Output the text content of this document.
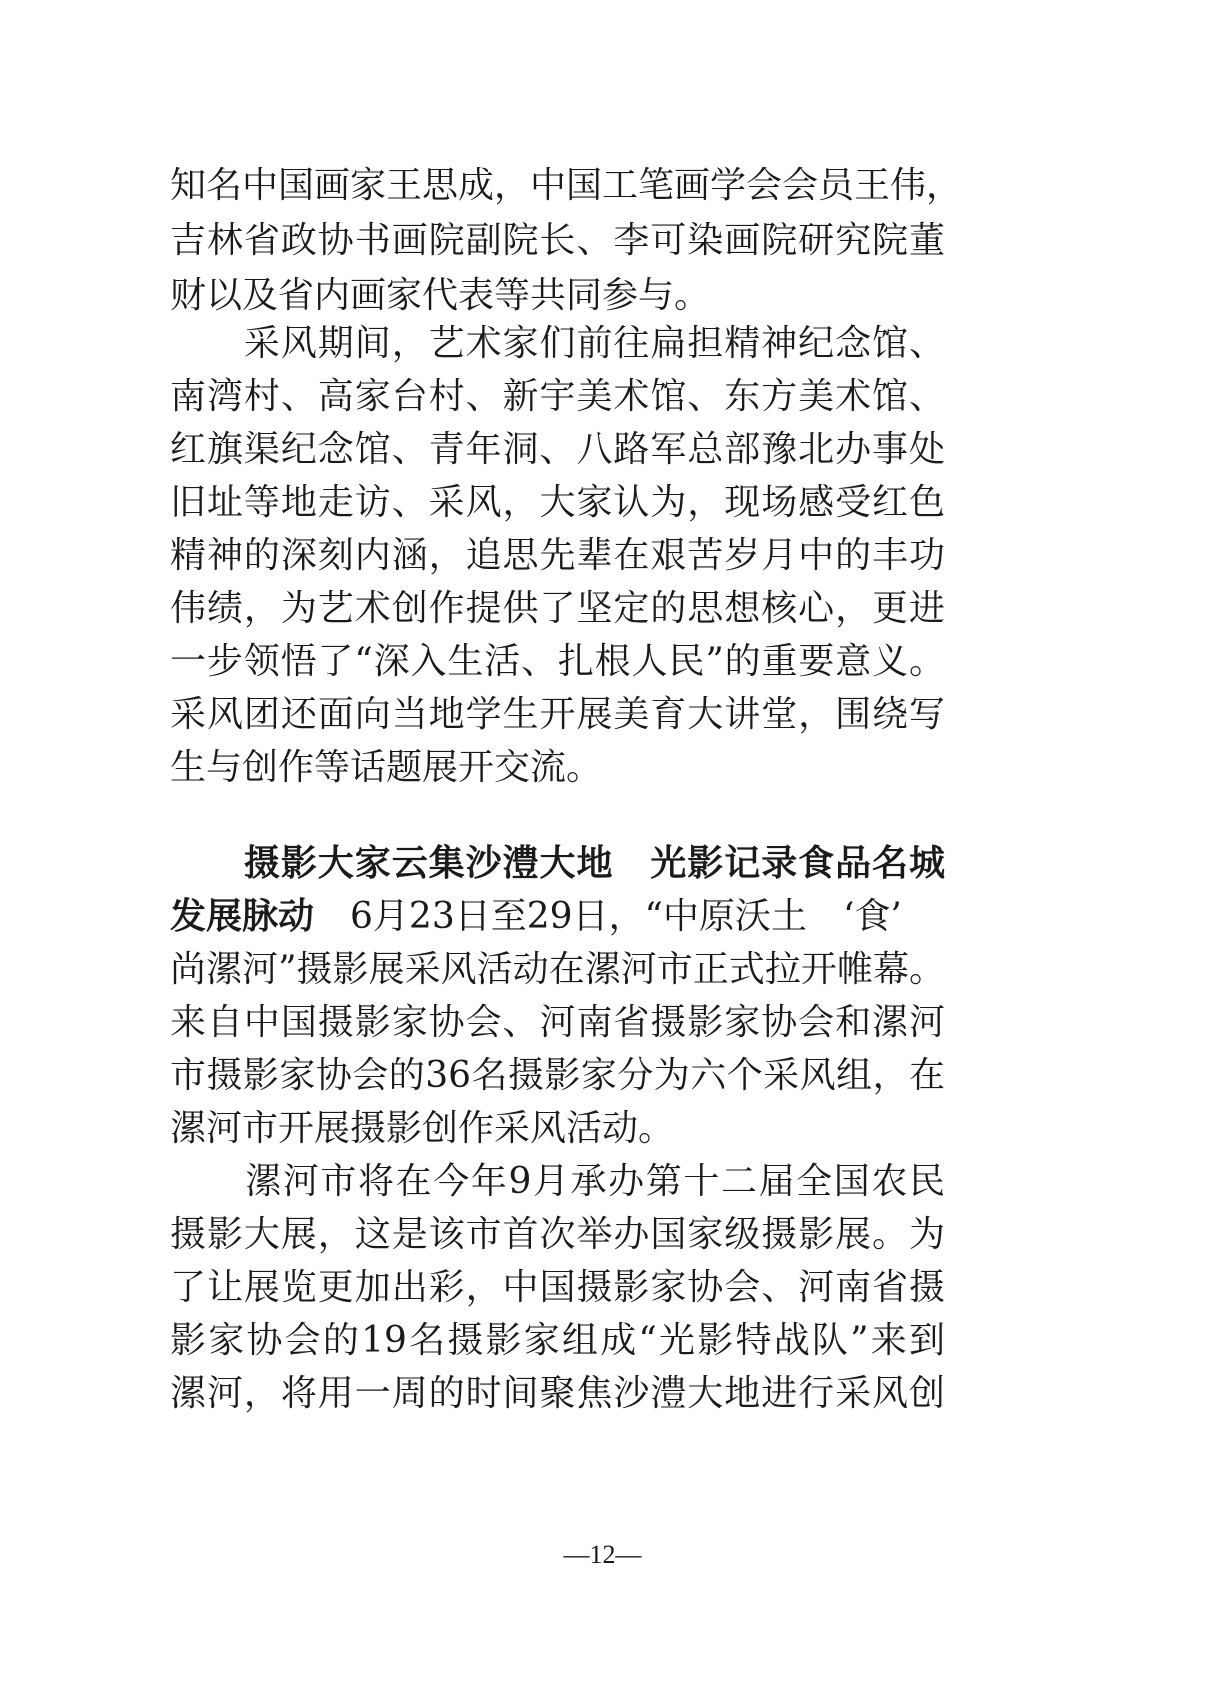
知名中国画家王思成，中国工笔画学会会员王伟，
吉林省政协书画院副院长、李可染画院研究院董
财以及省内画家代表等共同参与。
　　采风期间，艺术家们前往扁担精神纪念馆、
南湾村、高家台村、新宇美术馆、东方美术馆、
红旗渠纪念馆、青年洞、八路军总部豫北办事处
旧址等地走访、采风，大家认为，现场感受红色
精神的深刻内涵，追思先辈在艰苦岁月中的丰功
伟绩，为艺术创作提供了坚定的思想核心，更进
一步领悟了“深入生活、扎根人民”的重要意义。
采风团还面向当地学生开展美育大讲堂，围绕写
生与创作等话题展开交流。
　　摄影大家云集沙澧大地　光影记录食品名城
发展脉动　6月23日至29日，“中原沃土　‘食’
尚漯河”摄影展采风活动在漯河市正式拉开帷幕。
来自中国摄影家协会、河南省摄影家协会和漯河
市摄影家协会的36名摄影家分为六个采风组，在
漯河市开展摄影创作采风活动。
　　漯河市将在今年9月承办第十二届全国农民
摄影大展，这是该市首次举办国家级摄影展。为
了让展览更加出彩，中国摄影家协会、河南省摄
影家协会的19名摄影家组成“光影特战队”来到
漯河，将用一周的时间聚焦沙澧大地进行采风创
—12—
